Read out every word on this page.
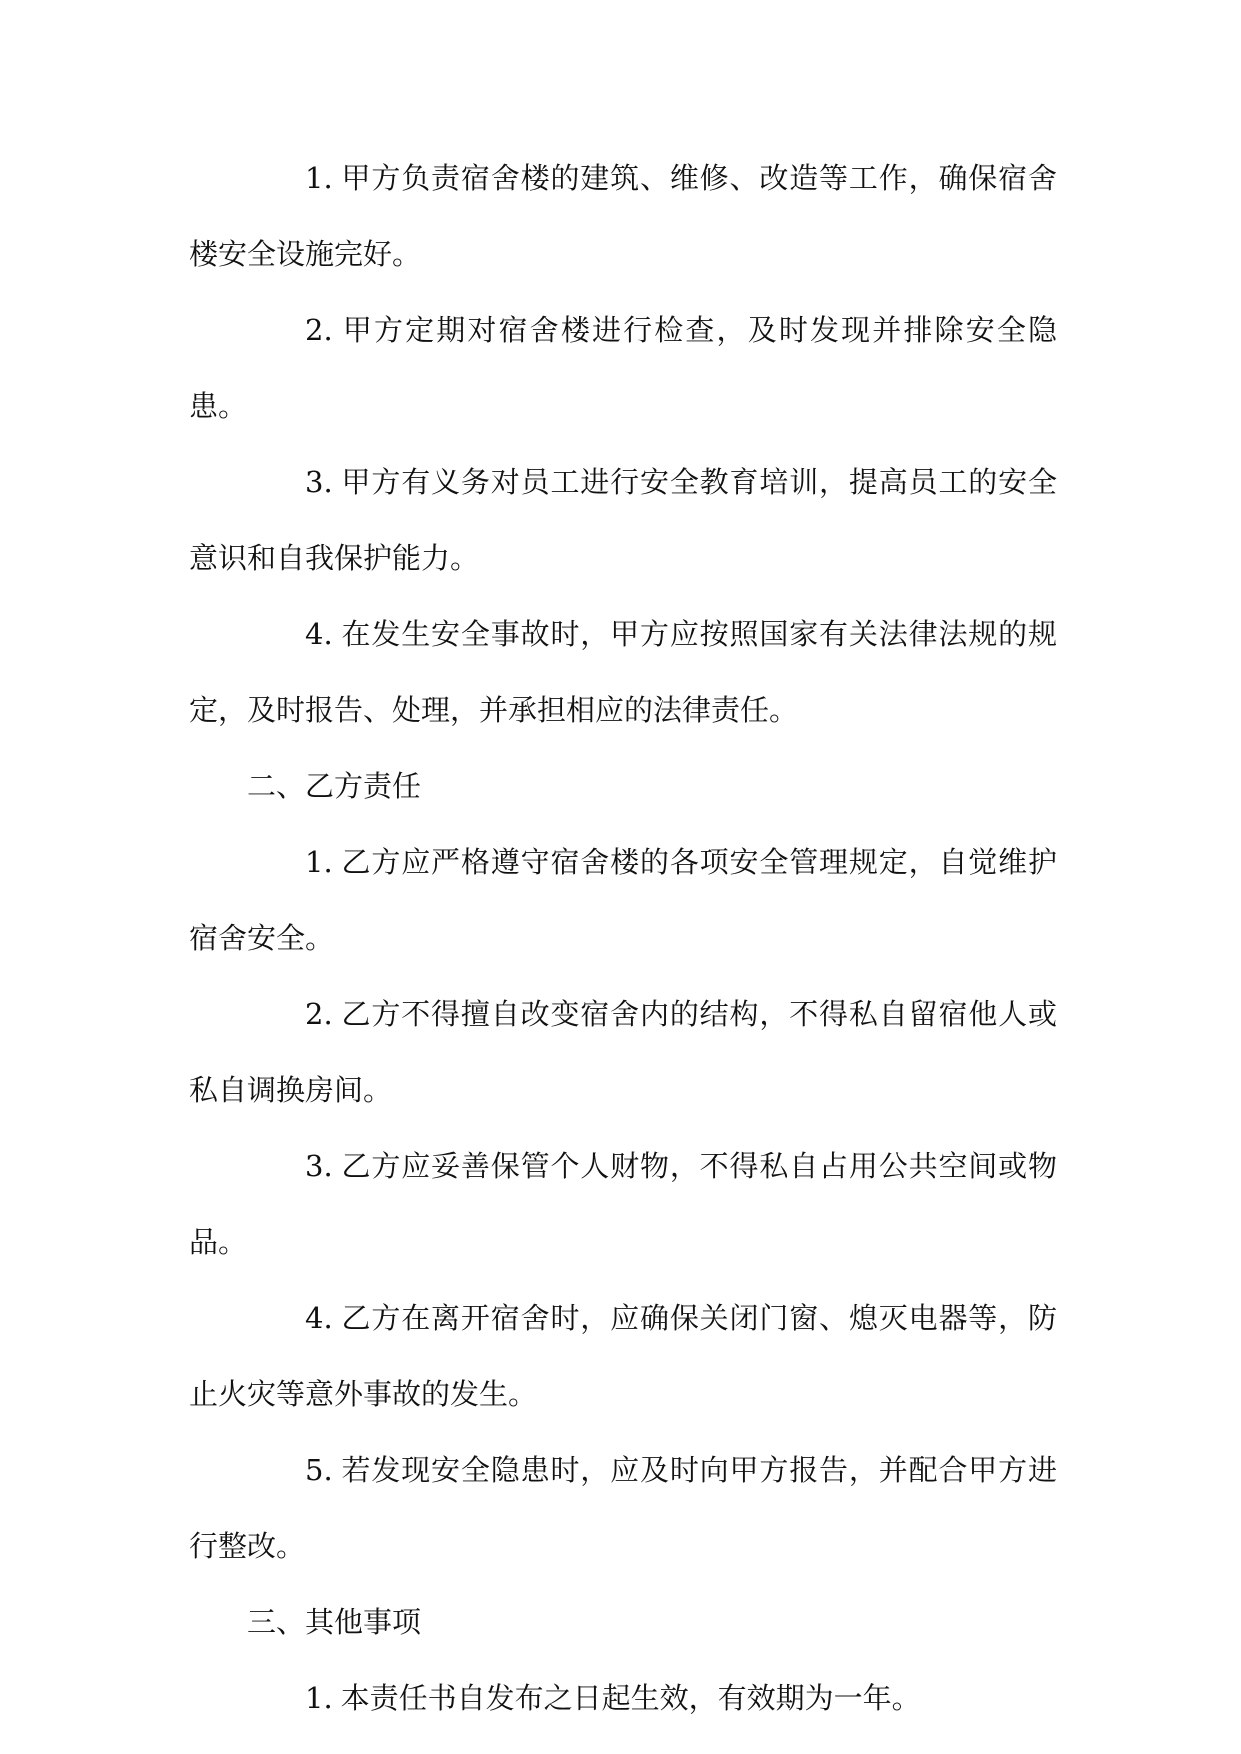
1. 甲方负责宿舍楼的建筑、维修、改造等工作，确保宿舍楼安全设施完好。

2. 甲方定期对宿舍楼进行检查，及时发现并排除安全隐患。

3. 甲方有义务对员工进行安全教育培训，提高员工的安全意识和自我保护能力。

4. 在发生安全事故时，甲方应按照国家有关法律法规的规定，及时报告、处理，并承担相应的法律责任。

二、乙方责任

1. 乙方应严格遵守宿舍楼的各项安全管理规定，自觉维护宿舍安全。

2. 乙方不得擅自改变宿舍内的结构，不得私自留宿他人或私自调换房间。

3. 乙方应妥善保管个人财物，不得私自占用公共空间或物品。

4. 乙方在离开宿舍时，应确保关闭门窗、熄灭电器等，防止火灾等意外事故的发生。

5. 若发现安全隐患时，应及时向甲方报告，并配合甲方进行整改。

三、其他事项

1. 本责任书自发布之日起生效，有效期为一年。
